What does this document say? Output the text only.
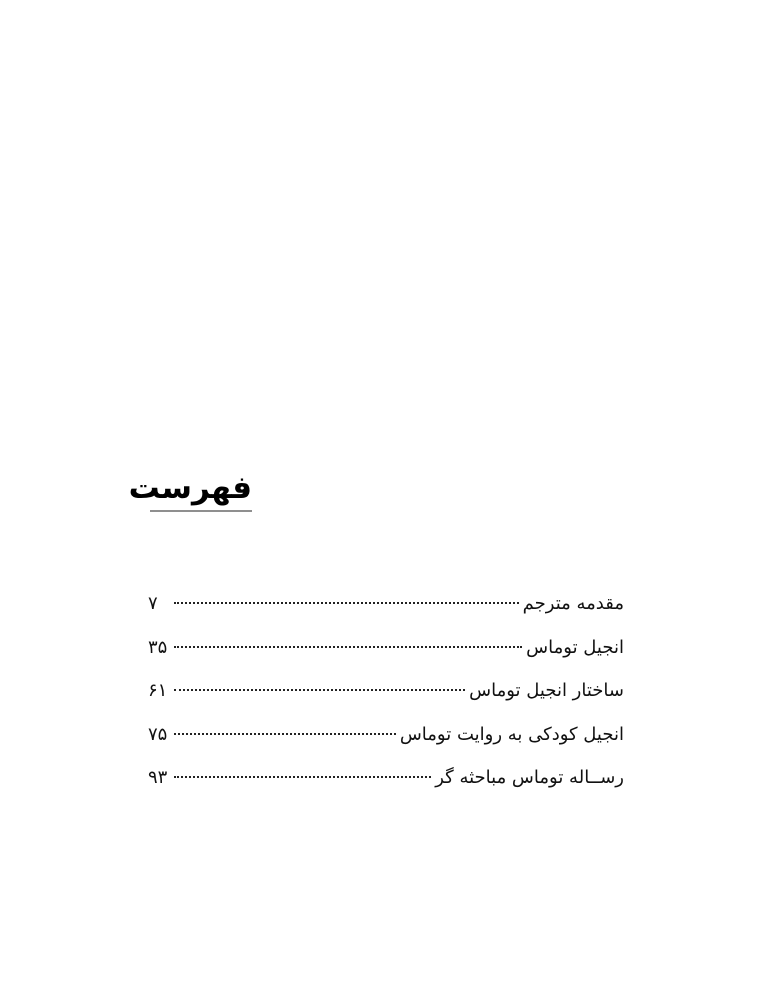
فهرست
مقدمه مترجم
۷
انجیل توماس
۳۵
ساختار انجیل توماس
۶۱
انجیل کودکی به روایت توماس
۷۵
رســاله توماس مباحثه گر
۹۳
